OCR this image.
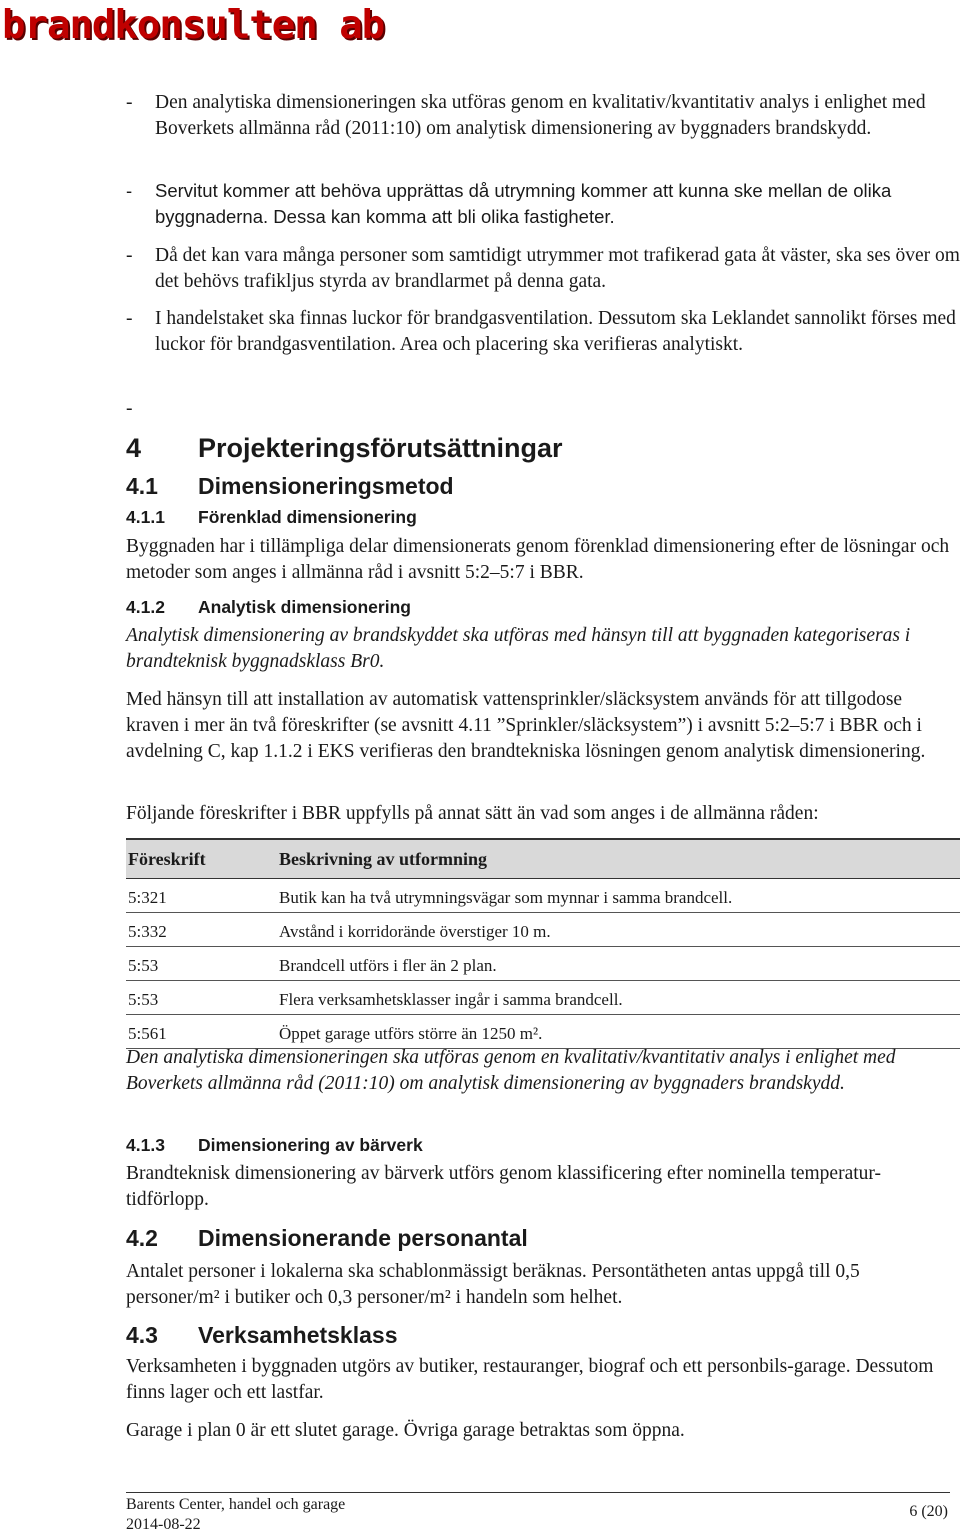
brandkonsulten ab
- Den analytiska dimensioneringen ska utföras genom en kvalitativ/kvantitativ analys i enlighet med Boverkets allmänna råd (2011:10) om analytisk dimensionering av byggnaders brandskydd.
- Servitut kommer att behöva upprättas då utrymning kommer att kunna ske mellan de olika byggnaderna. Dessa kan komma att bli olika fastigheter.
- Då det kan vara många personer som samtidigt utrymmer mot trafikerad gata åt väster, ska ses över om det behövs trafikljus styrda av brandlarmet på denna gata.
- I handelstaket ska finnas luckor för brandgasventilation. Dessutom ska Leklandet sannolikt förses med luckor för brandgasventilation. Area och placering ska verifieras analytiskt.
-
4 Projekteringsförutsättningar
4.1 Dimensioneringsmetod
4.1.1 Förenklad dimensionering

Byggnaden har i tillämpliga delar dimensionerats genom förenklad dimensionering efter de lösningar och metoder som anges i allmänna råd i avsnitt 5:2–5:7 i BBR.

4.1.2 Analytisk dimensionering

Analytisk dimensionering av brandskyddet ska utföras med hänsyn till att byggnaden kategoriseras i brandteknisk byggnadsklass Br0.

Med hänsyn till att installation av automatisk vattensprinkler/släcksystem används för att tillgodose kraven i mer än två föreskrifter (se avsnitt 4.11 ”Sprinkler/släcksystem”) i avsnitt 5:2–5:7 i BBR och i avdelning C, kap 1.1.2 i EKS verifieras den brandtekniska lösningen genom analytisk dimensionering.

Följande föreskrifter i BBR uppfylls på annat sätt än vad som anges i de allmänna råden:

Föreskrift	Beskrivning av utformning
5:321	Butik kan ha två utrymningsvägar som mynnar i samma brandcell.
5:332	Avstånd i korridorände överstiger 10 m.
5:53	Brandcell utförs i fler än 2 plan.
5:53	Flera verksamhetsklasser ingår i samma brandcell.
5:561	Öppet garage utförs större än 1250 m².

Den analytiska dimensioneringen ska utföras genom en kvalitativ/kvantitativ analys i enlighet med Boverkets allmänna råd (2011:10) om analytisk dimensionering av byggnaders brandskydd.

4.1.3 Dimensionering av bärverk

Brandteknisk dimensionering av bärverk utförs genom klassificering efter nominella temperatur-tidförlopp.

4.2 Dimensionerande personantal

Antalet personer i lokalerna ska schablonmässigt beräknas. Persontätheten antas uppgå till 0,5 personer/m² i butiker och 0,3 personer/m² i handeln som helhet.

4.3 Verksamhetsklass

Verksamheten i byggnaden utgörs av butiker, restauranger, biograf och ett personbils-garage. Dessutom finns lager och ett lastfar.

Garage i plan 0 är ett slutet garage. Övriga garage betraktas som öppna.

Barents Center, handel och garage
2014-08-22
6 (20)
